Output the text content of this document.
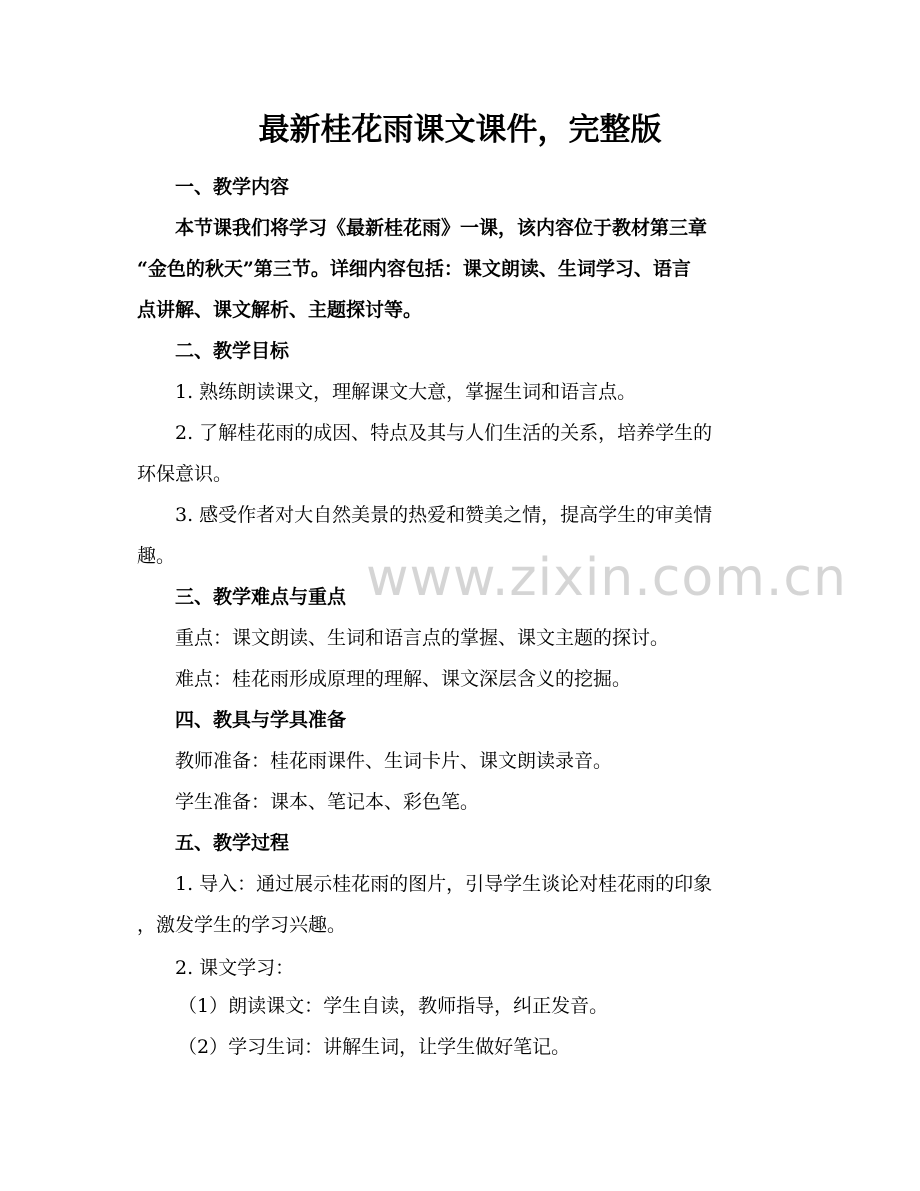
最新桂花雨课文课件，完整版
一、教学内容
本节课我们将学习《最新桂花雨》一课，该内容位于教材第三章
“金色的秋天”第三节。详细内容包括：课文朗读、生词学习、语言
点讲解、课文解析、主题探讨等。
二、教学目标
1. 熟练朗读课文，理解课文大意，掌握生词和语言点。
2. 了解桂花雨的成因、特点及其与人们生活的关系，培养学生的
环保意识。
3. 感受作者对大自然美景的热爱和赞美之情，提高学生的审美情
趣。
三、教学难点与重点
重点：课文朗读、生词和语言点的掌握、课文主题的探讨。
难点：桂花雨形成原理的理解、课文深层含义的挖掘。
四、教具与学具准备
教师准备：桂花雨课件、生词卡片、课文朗读录音。
学生准备：课本、笔记本、彩色笔。
五、教学过程
1. 导入：通过展示桂花雨的图片，引导学生谈论对桂花雨的印象
，激发学生的学习兴趣。
2. 课文学习：
（1）朗读课文：学生自读，教师指导，纠正发音。
（2）学习生词：讲解生词，让学生做好笔记。
www.zixin.com.cn
